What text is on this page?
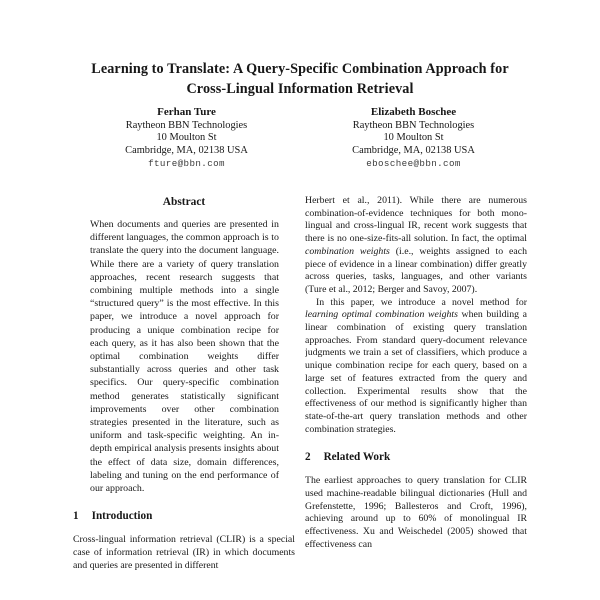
Learning to Translate: A Query-Specific Combination Approach for
Cross-Lingual Information Retrieval
Ferhan Ture
Raytheon BBN Technologies
10 Moulton St
Cambridge, MA, 02138 USA
fture@bbn.com
Elizabeth Boschee
Raytheon BBN Technologies
10 Moulton St
Cambridge, MA, 02138 USA
eboschee@bbn.com
Abstract

When documents and queries are presented in different languages, the common approach is to translate the query into the document language. While there are a variety of query translation approaches, recent research suggests that combining multiple methods into a single “structured query” is the most effective. In this paper, we introduce a novel approach for producing a unique combination recipe for each query, as it has also been shown that the optimal combination weights differ substantially across queries and other task specifics. Our query-specific combination method generates statistically significant improvements over other combination strategies presented in the literature, such as uniform and task-specific weighting. An in-depth empirical analysis presents insights about the effect of data size, domain differences, labeling and tuning on the end performance of our approach.

1 Introduction

Cross-lingual information retrieval (CLIR) is a special case of information retrieval (IR) in which documents and queries are presented in different

Herbert et al., 2011). While there are numerous combination-of-evidence techniques for both mono-lingual and cross-lingual IR, recent work suggests that there is no one-size-fits-all solution. In fact, the optimal combination weights (i.e., weights assigned to each piece of evidence in a linear combination) differ greatly across queries, tasks, languages, and other variants (Ture et al., 2012; Berger and Savoy, 2007).

In this paper, we introduce a novel method for learning optimal combination weights when building a linear combination of existing query translation approaches. From standard query-document relevance judgments we train a set of classifiers, which produce a unique combination recipe for each query, based on a large set of features extracted from the query and collection. Experimental results show that the effectiveness of our method is significantly higher than state-of-the-art query translation methods and other combination strategies.

2 Related Work

The earliest approaches to query translation for CLIR used machine-readable bilingual dictionaries (Hull and Grefenstette, 1996; Ballesteros and Croft, 1996), achieving around up to 60% of monolingual IR effectiveness. Xu and Weischedel (2005) showed that effectiveness can
